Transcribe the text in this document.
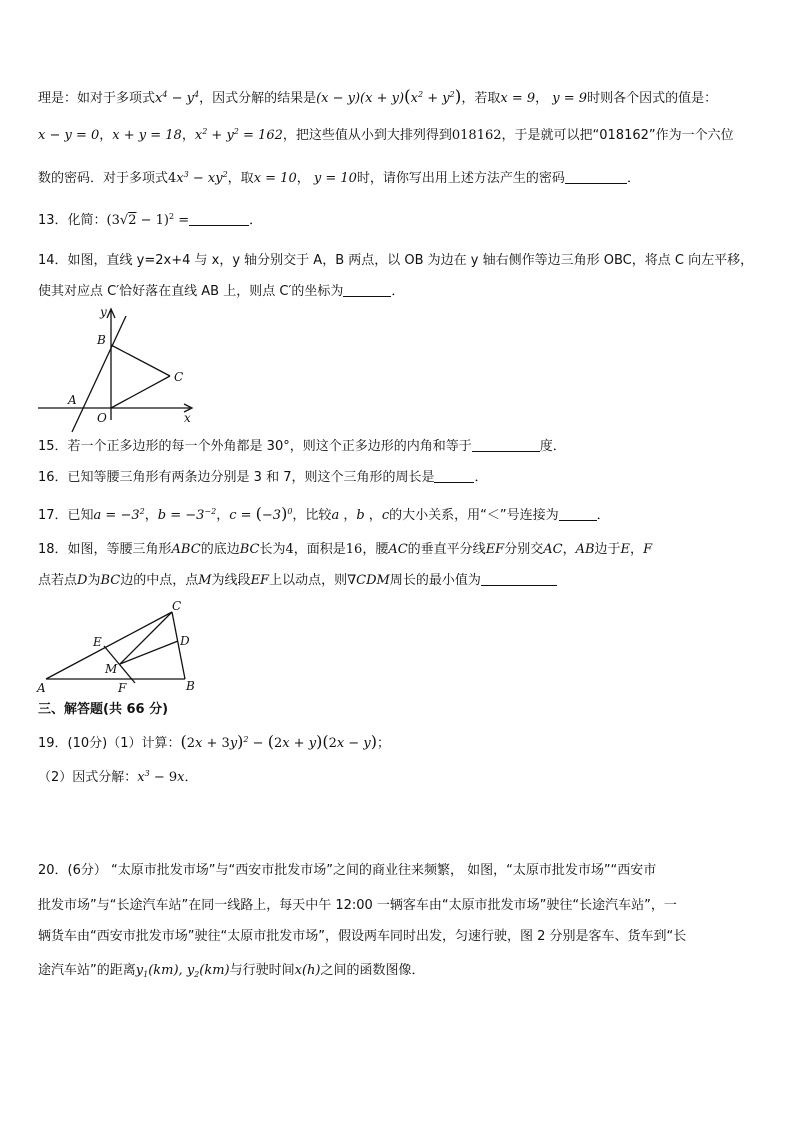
理是：如对于多项式$x^4 - y^4$，因式分解的结果是$(x - y)(x + y)(x^2 + y^2)$，若取x = 9， y = 9时则各个因式的值是：
x − y = 0，x + y = 18，$x^2 + y^2 = 162$，把这些值从小到大排列得到018162，于是就可以把“018162”作为一个六位
数的密码．对于多项式$4x^3 - xy^2$，取x = 10， y = 10时，请你写出用上述方法产生的密码	．
13．化简：$(3√2 - 1)^2$ =	．
14．如图，直线 y=2x+4 与 x，y 轴分别交于 A，B 两点，以 OB 为边在 y 轴右侧作等边三角形 OBC，将点 C 向左平移，
使其对应点 C′恰好落在直线 AB 上，则点 C′的坐标为	．
y
B
C
A
O	x
15．若一个正多边形的每一个外角都是 30°，则这个正多边形的内角和等于	度．
16．已知等腰三角形有两条边分别是 3 和 7，则这个三角形的周长是	．
17．已知$a = -3^2$，$b = -3^{-2}$，$c = (-3)^0$，比较a ，b ，c的大小关系，用“＜”号连接为	．
18．如图，等腰三角形ABC的底边BC长为4，面积是16，腰AC的垂直平分线EF分别交AC，AB边于E，F
点若点D为BC边的中点，点M为线段EF上以动点，则∇CDM周长的最小值为
C
E	D
M
A	F	B
三、解答题(共 66 分)
19．(10分)（1）计算：$(2x + 3y)^2 - (2x + y)(2x - y)$；
（2）因式分解：$x^3 - 9x$．
20．(6分） “太原市批发市场”与“西安市批发市场”之间的商业往来频繁， 如图，“太原市批发市场”“西安市
批发市场”与“长途汽车站”在同一线路上，每天中午 12:00 一辆客车由“太原市批发市场”驶往“长途汽车站”，一
辆货车由“西安市批发市场”驶往“太原市批发市场”，假设两车同时出发，匀速行驶，图 2 分别是客车、货车到“长
途汽车站”的距离$y_1(km)$, $y_2(km)$与行驶时间x(h)之间的函数图像．
